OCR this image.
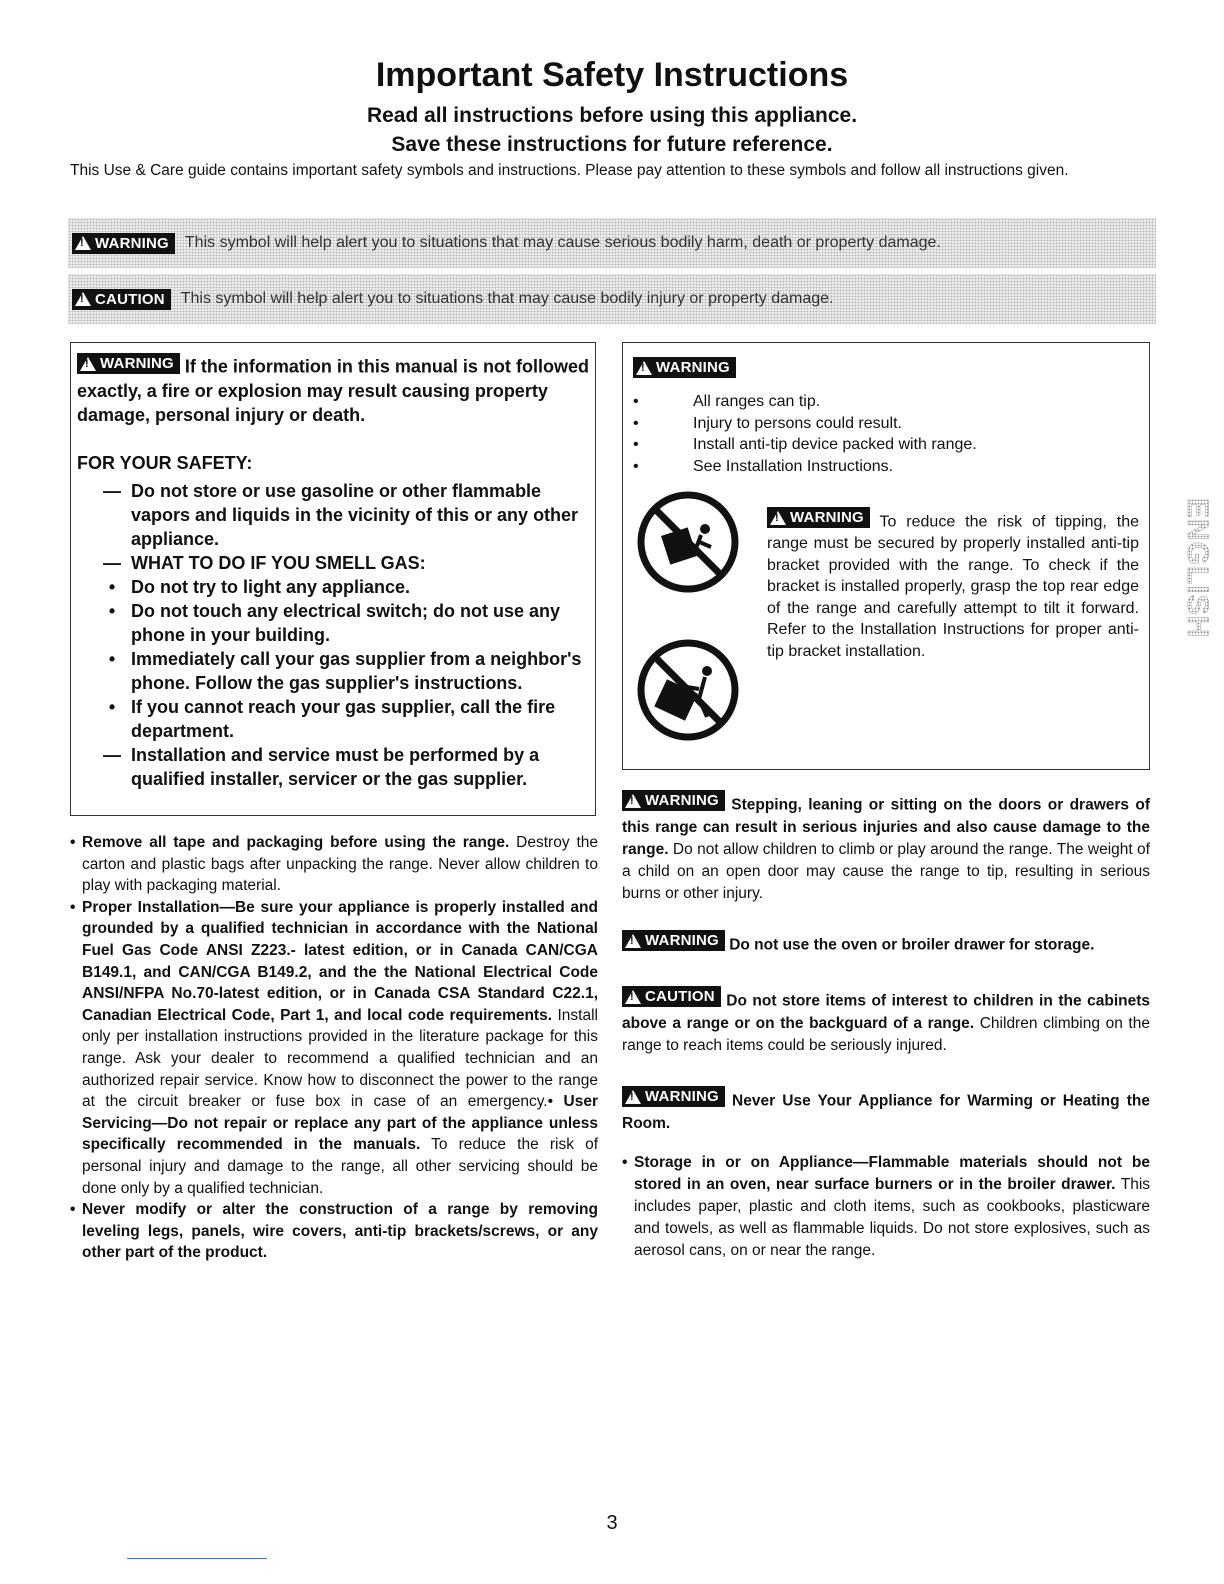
Important Safety Instructions
Read all instructions before using this appliance.
Save these instructions for future reference.
This Use & Care guide contains important safety symbols and instructions. Please pay attention to these symbols and follow all instructions given.
!
WARNING This symbol will help alert you to situations that may cause serious bodily harm, death or property damage.
!
CAUTION This symbol will help alert you to situations that may cause bodily injury or property damage.
!
WARNING If the information in this manual is not followed exactly, a fire or explosion may result causing property damage, personal injury or death.
FOR YOUR SAFETY:
— Do not store or use gasoline or other flammable vapors and liquids in the vicinity of this or any other appliance.
— WHAT TO DO IF YOU SMELL GAS:
• Do not try to light any appliance.
• Do not touch any electrical switch; do not use any phone in your building.
• Immediately call your gas supplier from a neighbor's phone. Follow the gas supplier's instructions.
• If you cannot reach your gas supplier, call the fire department.
— Installation and service must be performed by a qualified installer, servicer or the gas supplier.

• Remove all tape and packaging before using the range. Destroy the carton and plastic bags after unpacking the range. Never allow children to play with packaging material.

• Proper Installation—Be sure your appliance is properly installed and grounded by a qualified technician in accordance with the National Fuel Gas Code ANSI Z223.- latest edition, or in Canada CAN/CGA B149.1, and CAN/CGA B149.2, and the the National Electrical Code ANSI/NFPA No.70-latest edition, or in Canada CSA Standard C22.1, Canadian Electrical Code, Part 1, and local code requirements. Install only per installation instructions provided in the literature package for this range. Ask your dealer to recommend a qualified technician and an authorized repair service. Know how to disconnect the power to the range at the circuit breaker or fuse box in case of an emergency.• User Servicing—Do not repair or replace any part of the appliance unless specifically recommended in the manuals. To reduce the risk of personal injury and damage to the range, all other servicing should be done only by a qualified technician.

• Never modify or alter the construction of a range by removing leveling legs, panels, wire covers, anti-tip brackets/screws, or any other part of the product.

!
WARNING
• All ranges can tip.
• Injury to persons could result.
• Install anti-tip device packed with range.
• See Installation Instructions.
!
WARNING To reduce the risk of tipping, the range must be secured by properly installed anti-tip bracket provided with the range. To check if the bracket is installed properly, grasp the top rear edge of the range and carefully attempt to tilt it forward. Refer to the Installation Instructions for proper anti-tip bracket installation.
!
WARNING Stepping, leaning or sitting on the doors or drawers of this range can result in serious injuries and also cause damage to the range. Do not allow children to climb or play around the range. The weight of a child on an open door may cause the range to tip, resulting in serious burns or other injury.
!
WARNING Do not use the oven or broiler drawer for storage.
!
CAUTION Do not store items of interest to children in the cabinets above a range or on the backguard of a range. Children climbing on the range to reach items could be seriously injured.
!
WARNING Never Use Your Appliance for Warming or Heating the Room.
• Storage in or on Appliance—Flammable materials should not be stored in an oven, near surface burners or in the broiler drawer. This includes paper, plastic and cloth items, such as cookbooks, plasticware and towels, as well as flammable liquids. Do not store explosives, such as aerosol cans, on or near the range.
ENGLISH
3
